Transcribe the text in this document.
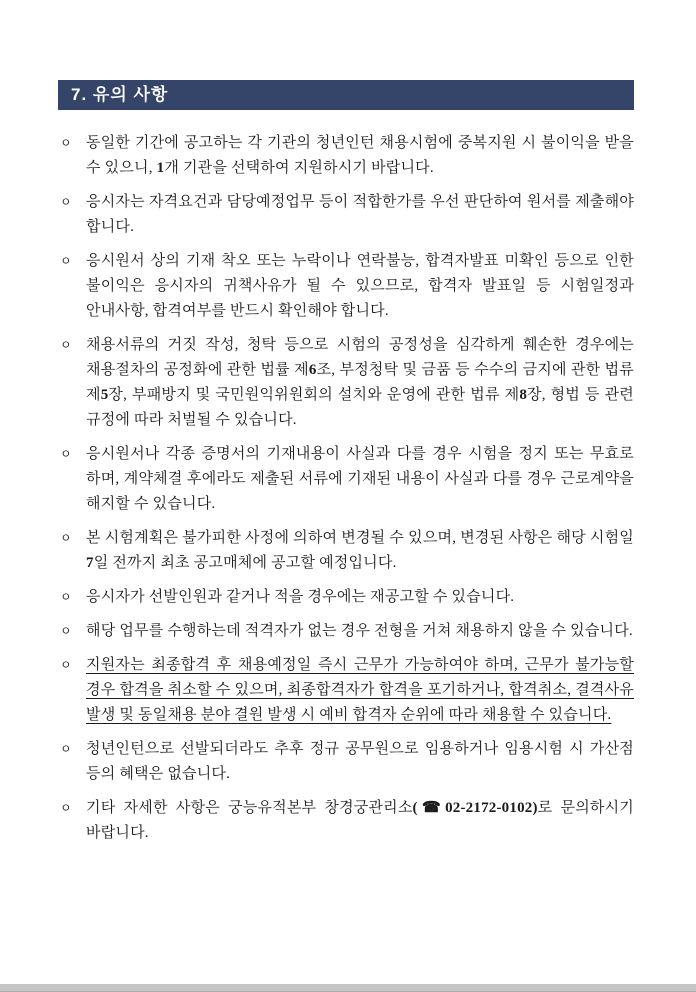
7. 유의 사항
ㅇ 동일한 기간에 공고하는 각 기관의 청년인턴 채용시험에 중복지원 시 불이익을 받을 수 있으니, 1개 기관을 선택하여 지원하시기 바랍니다.

ㅇ 응시자는 자격요건과 담당예정업무 등이 적합한가를 우선 판단하여 원서를 제출해야 합니다.

ㅇ 응시원서 상의 기재 착오 또는 누락이나 연락불능, 합격자발표 미확인 등으로 인한 불이익은 응시자의 귀책사유가 될 수 있으므로, 합격자 발표일 등 시험일정과 안내사항, 합격여부를 반드시 확인해야 합니다.

ㅇ 채용서류의 거짓 작성, 청탁 등으로 시험의 공정성을 심각하게 훼손한 경우에는 채용절차의 공정화에 관한 법률 제6조, 부정청탁 및 금품 등 수수의 금지에 관한 법류 제5장, 부패방지 및 국민원익위원회의 설치와 운영에 관한 법류 제8장, 형법 등 관련 규정에 따라 처벌될 수 있습니다.

ㅇ 응시원서나 각종 증명서의 기재내용이 사실과 다를 경우 시험을 정지 또는 무효로 하며, 계약체결 후에라도 제출된 서류에 기재된 내용이 사실과 다를 경우 근로계약을 해지할 수 있습니다.

ㅇ 본 시험계획은 불가피한 사정에 의하여 변경될 수 있으며, 변경된 사항은 해당 시험일 7일 전까지 최초 공고매체에 공고할 예정입니다.

ㅇ 응시자가 선발인원과 같거나 적을 경우에는 재공고할 수 있습니다.

ㅇ 해당 업무를 수행하는데 적격자가 없는 경우 전형을 거쳐 채용하지 않을 수 있습니다.

ㅇ 지원자는 최종합격 후 채용예정일 즉시 근무가 가능하여야 하며, 근무가 불가능할 경우 합격을 취소할 수 있으며, 최종합격자가 합격을 포기하거나, 합격취소, 결격사유 발생 및 동일채용 분야 결원 발생 시 예비 합격자 순위에 따라 채용할 수 있습니다.

ㅇ 청년인턴으로 선발되더라도 추후 정규 공무원으로 임용하거나 임용시험 시 가산점 등의 혜택은 없습니다.

ㅇ 기타 자세한 사항은 궁능유적본부 창경궁관리소(☎02-2172-0102)로 문의하시기 바랍니다.
